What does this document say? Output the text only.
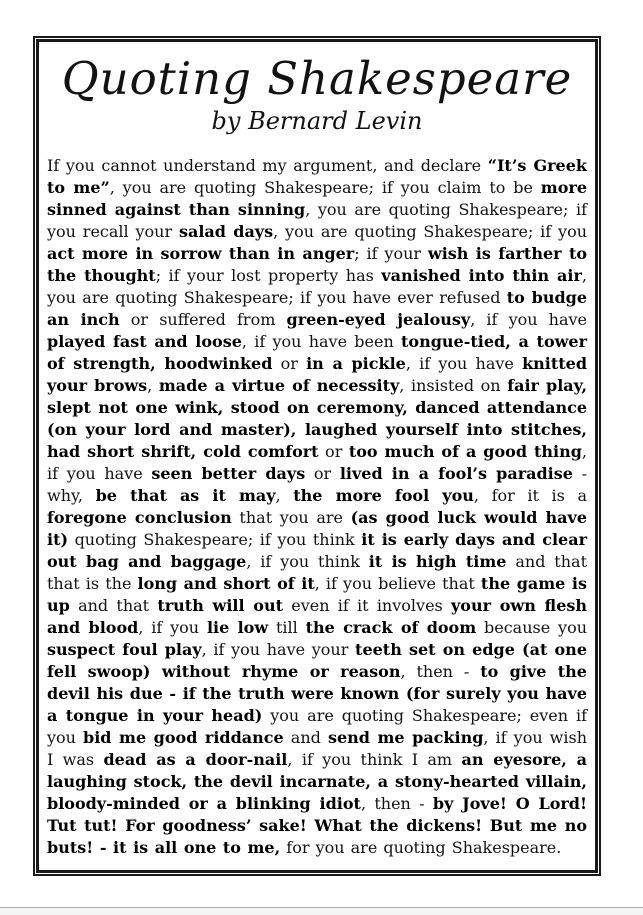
Quoting Shakespeare
by Bernard Levin

If you cannot understand my argument, and declare “It’s Greek to me”, you are quoting Shakespeare; if you claim to be more sinned against than sinning, you are quoting Shakespeare; if you recall your salad days, you are quoting Shakespeare; if you act more in sorrow than in anger; if your wish is farther to the thought; if your lost property has vanished into thin air, you are quoting Shakespeare; if you have ever refused to budge an inch or suffered from green-eyed jealousy, if you have played fast and loose, if you have been tongue-tied, a tower of strength, hoodwinked or in a pickle, if you have knitted your brows, made a virtue of necessity, insisted on fair play, slept not one wink, stood on ceremony, danced attendance (on your lord and master), laughed yourself into stitches, had short shrift, cold comfort or too much of a good thing, if you have seen better days or lived in a fool’s paradise -why, be that as it may, the more fool you, for it is a foregone conclusion that you are (as good luck would have it) quoting Shakespeare; if you think it is early days and clear out bag and baggage, if you think it is high time and that that is the long and short of it, if you believe that the game is up and that truth will out even if it involves your own flesh and blood, if you lie low till the crack of doom because you suspect foul play, if you have your teeth set on edge (at one fell swoop) without rhyme or reason, then - to give the devil his due - if the truth were known (for surely you have a tongue in your head) you are quoting Shakespeare; even if you bid me good riddance and send me packing, if you wish I was dead as a door-nail, if you think I am an eyesore, a laughing stock, the devil incarnate, a stony-hearted villain, bloody-minded or a blinking idiot, then - by Jove! O Lord! Tut tut! For goodness’ sake! What the dickens! But me no buts! - it is all one to me, for you are quoting Shakespeare.
